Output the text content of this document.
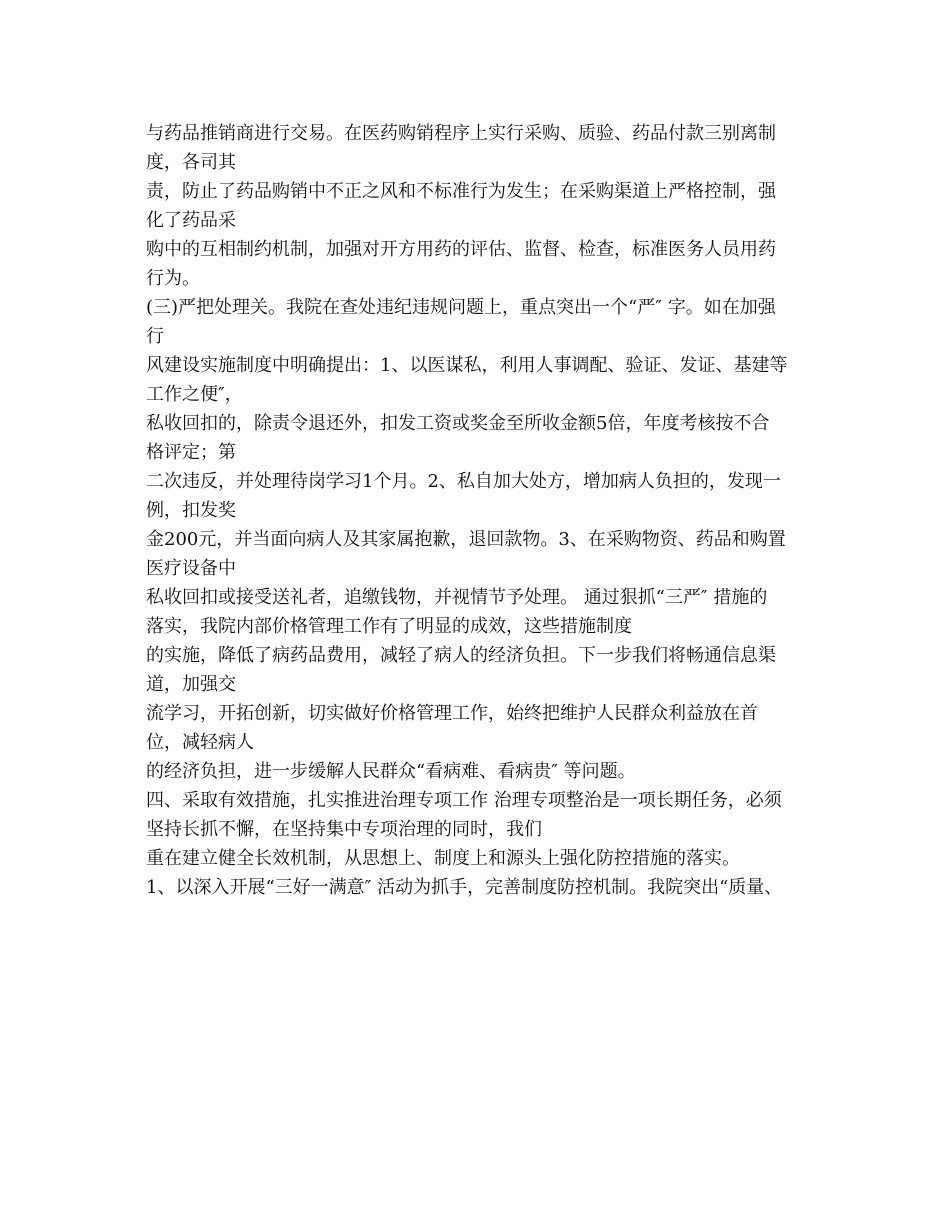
与药品推销商进行交易。在医药购销程序上实行采购、质验、药品付款三别离制

度，各司其

责，防止了药品购销中不正之风和不标准行为发生；在采购渠道上严格控制，强

化了药品采

购中的互相制约机制，加强对开方用药的评估、监督、检查，标准医务人员用药

行为。

(三)严把处理关。我院在查处违纪违规问题上，重点突出一个“严″ 字。如在加强

行

风建设实施制度中明确提出：1、以医谋私，利用人事调配、验证、发证、基建等

工作之便″，

私收回扣的，除责令退还外，扣发工资或奖金至所收金额5倍，年度考核按不合

格评定；第

二次违反，并处理待岗学习1个月。2、私自加大处方，增加病人负担的，发现一

例，扣发奖

金200元，并当面向病人及其家属抱歉，退回款物。3、在采购物资、药品和购置

医疗设备中

私收回扣或接受送礼者，追缴钱物，并视情节予处理。 通过狠抓“三严″ 措施的

落实，我院内部价格管理工作有了明显的成效，这些措施制度

的实施，降低了病药品费用，减轻了病人的经济负担。下一步我们将畅通信息渠

道，加强交

流学习，开拓创新，切实做好价格管理工作，始终把维护人民群众利益放在首

位，减轻病人

的经济负担，进一步缓解人民群众“看病难、看病贵″ 等问题。

四、采取有效措施，扎实推进治理专项工作 治理专项整治是一项长期任务，必须

坚持长抓不懈，在坚持集中专项治理的同时，我们

重在建立健全长效机制，从思想上、制度上和源头上强化防控措施的落实。

1、以深入开展“三好一满意″ 活动为抓手，完善制度防控机制。我院突出“质量、
